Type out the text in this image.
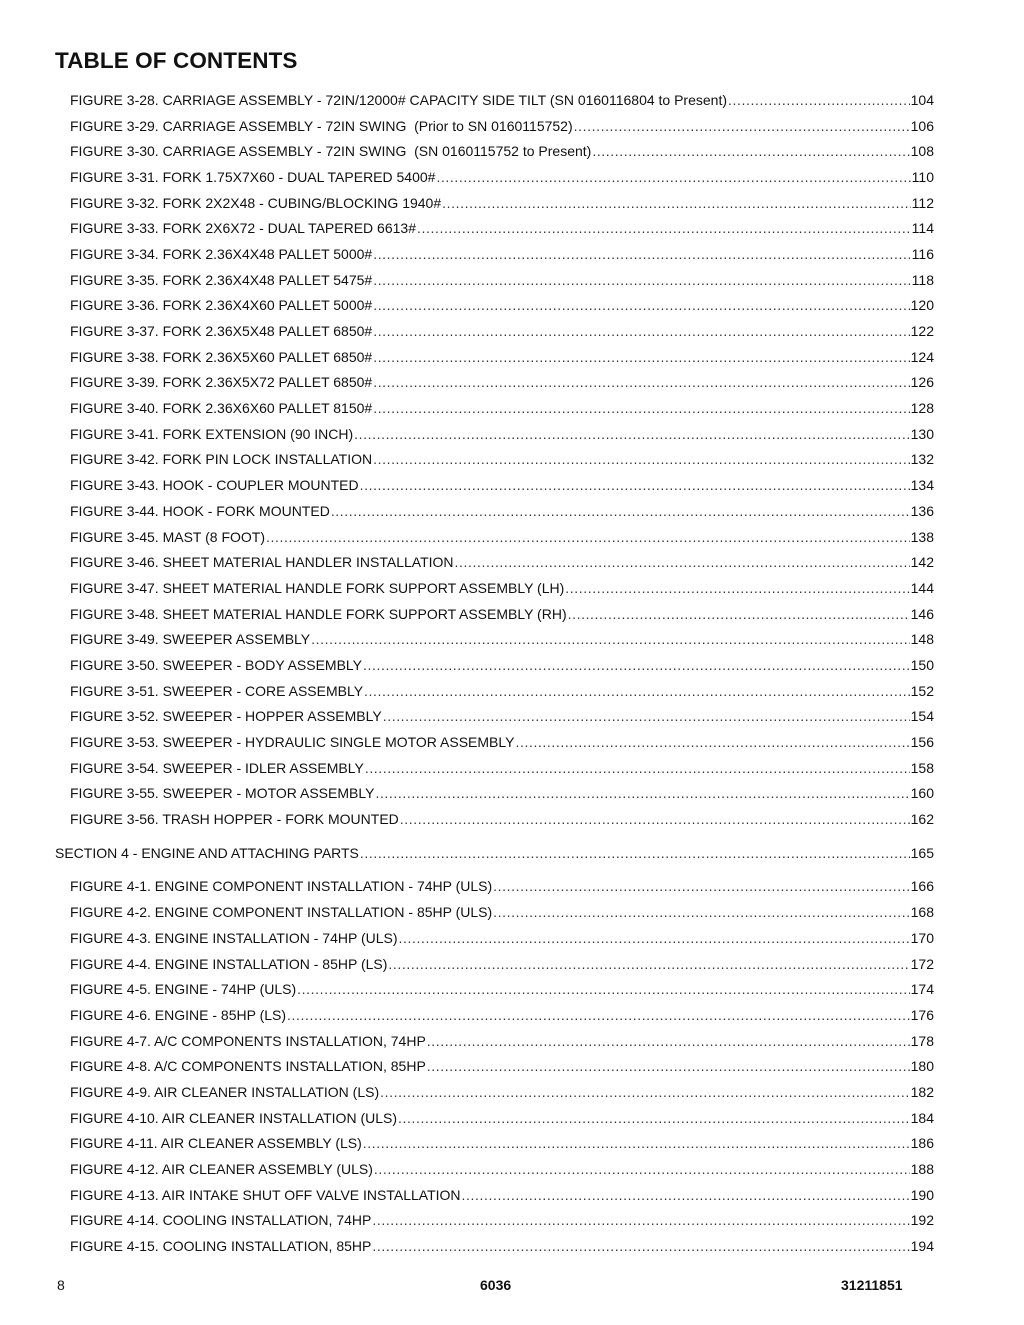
TABLE OF CONTENTS
FIGURE 3-28. CARRIAGE ASSEMBLY - 72IN/12000# CAPACITY SIDE TILT (SN 0160116804 to Present) .....	104
FIGURE 3-29. CARRIAGE ASSEMBLY - 72IN SWING  (Prior to SN 0160115752) .....	106
FIGURE 3-30. CARRIAGE ASSEMBLY - 72IN SWING  (SN 0160115752 to Present) .....	108
FIGURE 3-31. FORK 1.75X7X60 - DUAL TAPERED 5400# .....	110
FIGURE 3-32. FORK 2X2X48 - CUBING/BLOCKING 1940# .....	112
FIGURE 3-33. FORK 2X6X72 - DUAL TAPERED 6613# .....	114
FIGURE 3-34. FORK 2.36X4X48 PALLET 5000# .....	116
FIGURE 3-35. FORK 2.36X4X48 PALLET 5475# .....	118
FIGURE 3-36. FORK 2.36X4X60 PALLET 5000# .....	120
FIGURE 3-37. FORK 2.36X5X48 PALLET 6850# .....	122
FIGURE 3-38. FORK 2.36X5X60 PALLET 6850# .....	124
FIGURE 3-39. FORK 2.36X5X72 PALLET 6850# .....	126
FIGURE 3-40. FORK 2.36X6X60 PALLET 8150# .....	128
FIGURE 3-41. FORK EXTENSION (90 INCH) .....	130
FIGURE 3-42. FORK PIN LOCK INSTALLATION .....	132
FIGURE 3-43. HOOK - COUPLER MOUNTED .....	134
FIGURE 3-44. HOOK - FORK MOUNTED .....	136
FIGURE 3-45. MAST (8 FOOT) .....	138
FIGURE 3-46. SHEET MATERIAL HANDLER INSTALLATION .....	142
FIGURE 3-47. SHEET MATERIAL HANDLE FORK SUPPORT ASSEMBLY (LH) .....	144
FIGURE 3-48. SHEET MATERIAL HANDLE FORK SUPPORT ASSEMBLY (RH) .....	146
FIGURE 3-49. SWEEPER ASSEMBLY .....	148
FIGURE 3-50. SWEEPER - BODY ASSEMBLY .....	150
FIGURE 3-51. SWEEPER - CORE ASSEMBLY .....	152
FIGURE 3-52. SWEEPER - HOPPER ASSEMBLY .....	154
FIGURE 3-53. SWEEPER - HYDRAULIC SINGLE MOTOR ASSEMBLY .....	156
FIGURE 3-54. SWEEPER - IDLER ASSEMBLY .....	158
FIGURE 3-55. SWEEPER - MOTOR ASSEMBLY .....	160
FIGURE 3-56. TRASH HOPPER - FORK MOUNTED .....	162
SECTION 4 - ENGINE AND ATTACHING PARTS .....	165
FIGURE 4-1. ENGINE COMPONENT INSTALLATION - 74HP (ULS) .....	166
FIGURE 4-2. ENGINE COMPONENT INSTALLATION - 85HP (ULS) .....	168
FIGURE 4-3. ENGINE INSTALLATION - 74HP (ULS) .....	170
FIGURE 4-4. ENGINE INSTALLATION - 85HP (LS) .....	172
FIGURE 4-5. ENGINE - 74HP (ULS) .....	174
FIGURE 4-6. ENGINE - 85HP (LS) .....	176
FIGURE 4-7. A/C COMPONENTS INSTALLATION, 74HP .....	178
FIGURE 4-8. A/C COMPONENTS INSTALLATION, 85HP .....	180
FIGURE 4-9. AIR CLEANER INSTALLATION (LS) .....	182
FIGURE 4-10. AIR CLEANER INSTALLATION (ULS) .....	184
FIGURE 4-11. AIR CLEANER ASSEMBLY (LS) .....	186
FIGURE 4-12. AIR CLEANER ASSEMBLY (ULS) .....	188
FIGURE 4-13. AIR INTAKE SHUT OFF VALVE INSTALLATION .....	190
FIGURE 4-14. COOLING INSTALLATION, 74HP .....	192
FIGURE 4-15. COOLING INSTALLATION, 85HP .....	194
8	6036	31211851
